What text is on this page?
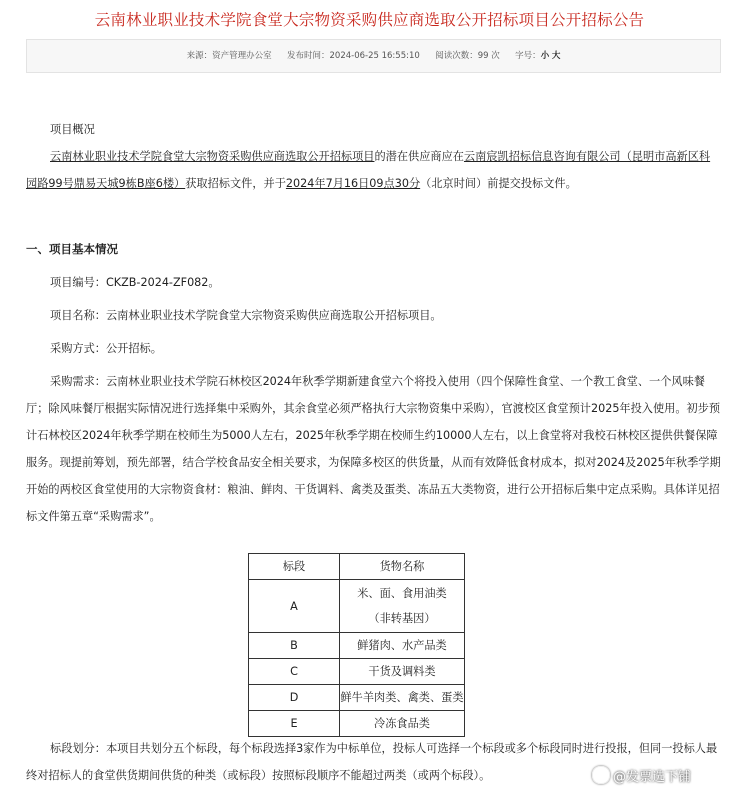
云南林业职业技术学院食堂大宗物资采购供应商选取公开招标项目公开招标公告
来源：资产管理办公室 发布时间：2024-06-25 16:55:10 阅读次数：99 次 字号：小 大

项目概况

云南林业职业技术学院食堂大宗物资采购供应商选取公开招标项目的潜在供应商应在云南宸凯招标信息咨询有限公司（昆明市高新区科园路99号鼎易天城9栋B座6楼）获取招标文件，并于2024年7月16日09点30分（北京时间）前提交投标文件。

一、项目基本情况

项目编号：CKZB-2024-ZF082。

项目名称：云南林业职业技术学院食堂大宗物资采购供应商选取公开招标项目。

采购方式：公开招标。

采购需求：云南林业职业技术学院石林校区2024年秋季学期新建食堂六个将投入使用（四个保障性食堂、一个教工食堂、一个风味餐厅；除风味餐厅根据实际情况进行选择集中采购外，其余食堂必须严格执行大宗物资集中采购），官渡校区食堂预计2025年投入使用。初步预计石林校区2024年秋季学期在校师生为5000人左右，2025年秋季学期在校师生约10000人左右，以上食堂将对我校石林校区提供供餐保障服务。现提前筹划，预先部署，结合学校食品安全相关要求，为保障多校区的供货量，从而有效降低食材成本，拟对2024及2025年秋季学期开始的两校区食堂使用的大宗物资食材：粮油、鲜肉、干货调料、禽类及蛋类、冻品五大类物资，进行公开招标后集中定点采购。具体详见招标文件第五章“采购需求”。

标段划分：本项目共划分五个标段，每个标段选择3家作为中标单位，投标人可选择一个标段或多个标段同时进行投报，但同一投标人最终对招标人的食堂供货期间供货的种类（或标段）按照标段顺序不能超过两类（或两个标段）。

标段	货物名称
A	米、面、食用油类（非转基因）
B	鲜猪肉、水产品类
C	干货及调料类
D	鲜牛羊肉类、禽类、蛋类
E	冷冻食品类
@发票选下铺
